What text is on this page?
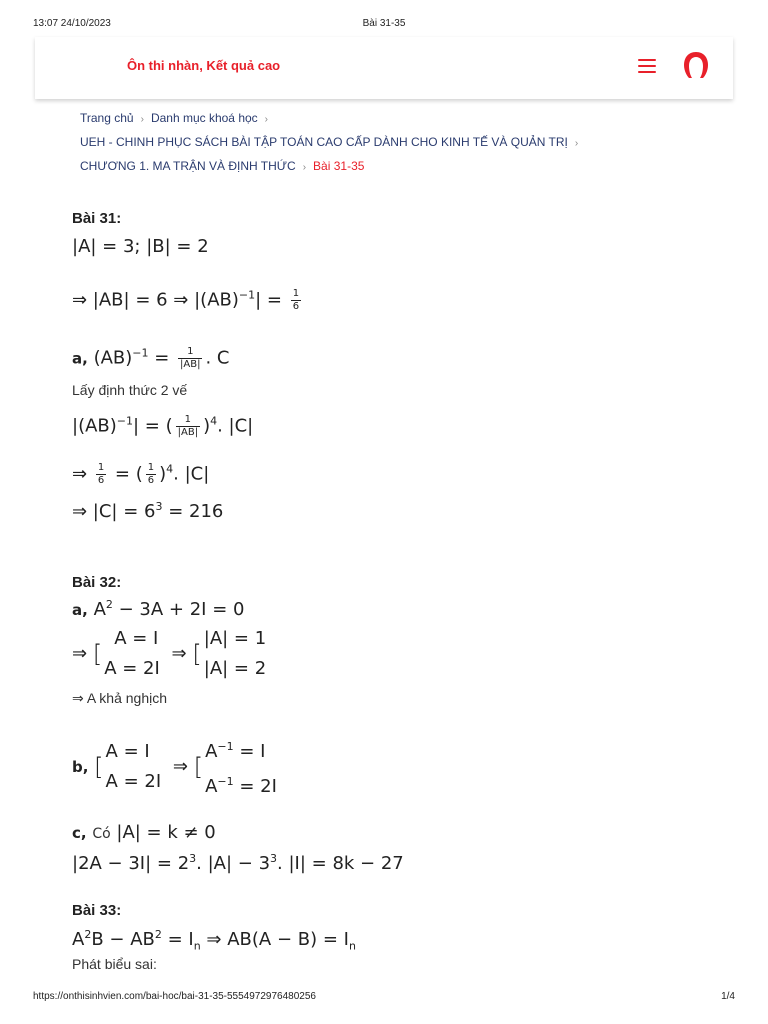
13:07 24/10/2023	Bài 31-35
Ôn thi nhàn, Kết quả cao
Trang chủ › Danh mục khoá học ›
UEH - CHINH PHỤC SÁCH BÀI TẬP TOÁN CAO CẤP DÀNH CHO KINH TẾ VÀ QUẢN TRỊ ›
CHƯƠNG 1. MA TRẬN VÀ ĐỊNH THỨC › Bài 31-35
Bài 31:
|A| = 3; |B| = 2
⇒ |AB| = 6 ⇒ $|(AB)^{-1}| = \frac{1}{6}$
a, $(AB)^{-1} = \frac{1}{|AB|}$ . C
Lấy định thức 2 vế
|(AB)$^{-1}$| = ( $\frac{1}{|AB|} )^4$. |C|
⇒ $\frac{1}{6}$ = ( $\frac{1}{6} )^4$. |C|
⇒ $|C| = 6^3 = 216$
Bài 32:
a, $A^2 - 3A + 2I = 0$
⇒ [
A = I
A = 2I
⇒ [
|A| = 1
|A| = 2
⇒ A khả nghịch
b, [
A = I
A = 2I
⇒ [
$A^{-1} = I$
$A^{-1} = 2I$
c, Có |A| = k ≠ 0
$|2A - 3I| = 2^3$. $|A| - 3^3$. |I| = 8k − 27
Bài 33:
$A^2B - AB^2 = I_n$ ⇒ $AB(A - B) = I_n$
Phát biểu sai:
https://onthisinhvien.com/bai-hoc/bai-31-35-5554972976480256	1/4
